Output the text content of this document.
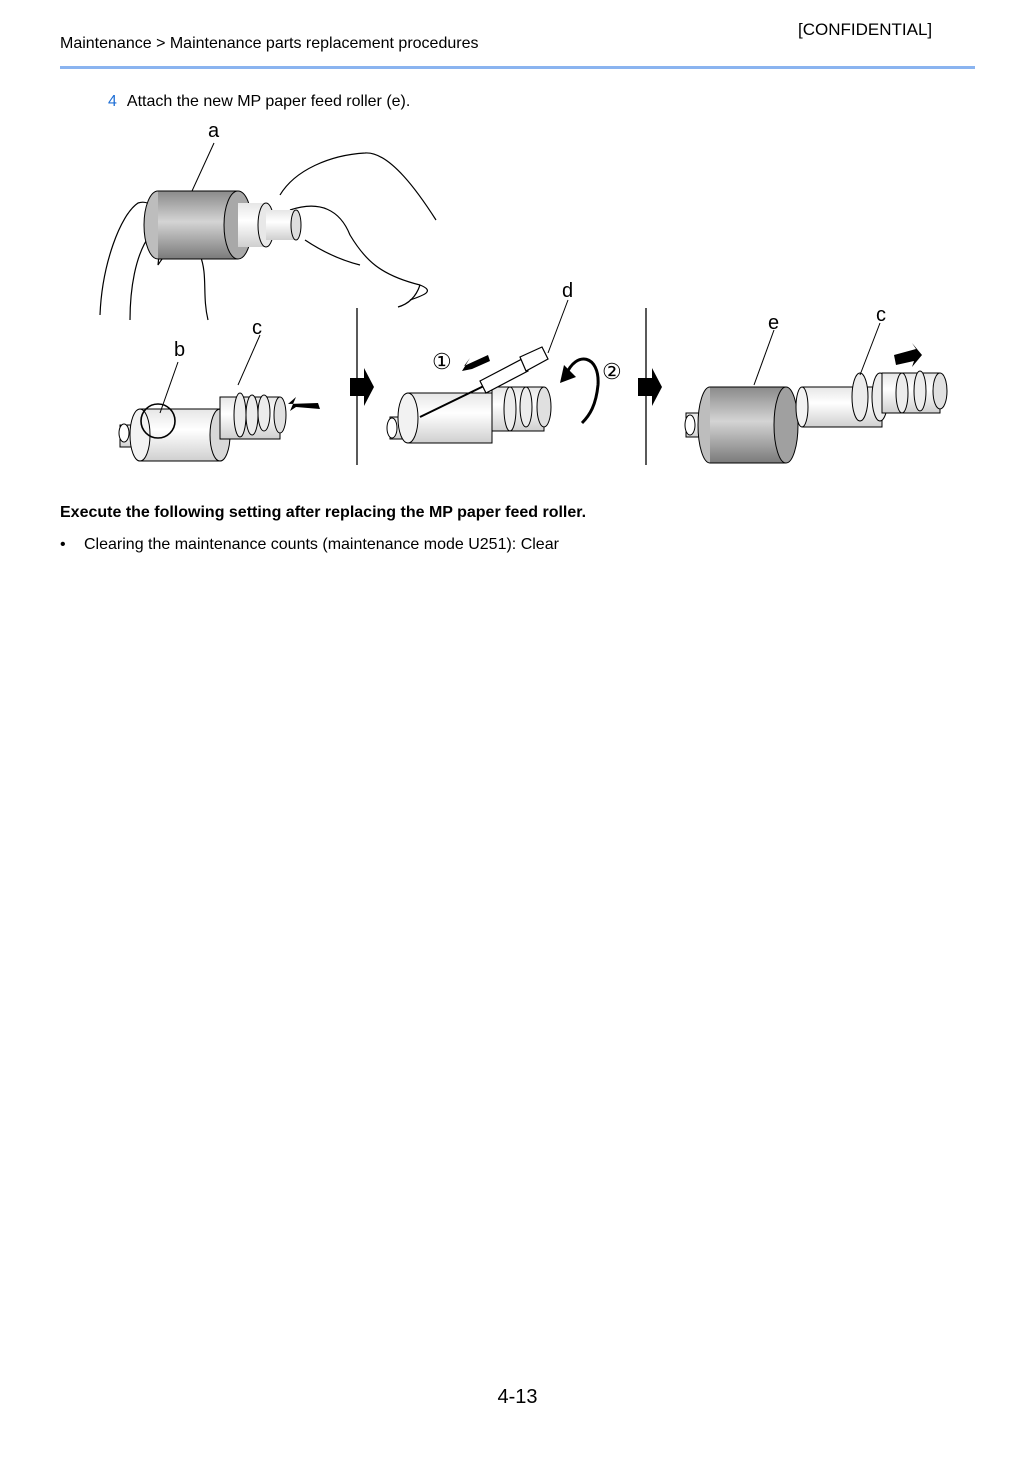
[CONFIDENTIAL]
Maintenance > Maintenance parts replacement procedures
4 Attach the new MP paper feed roller (e).
a
b
c
d
①	②
e	c
Execute the following setting after replacing the MP paper feed roller.
• Clearing the maintenance counts (maintenance mode U251): Clear
4-13
